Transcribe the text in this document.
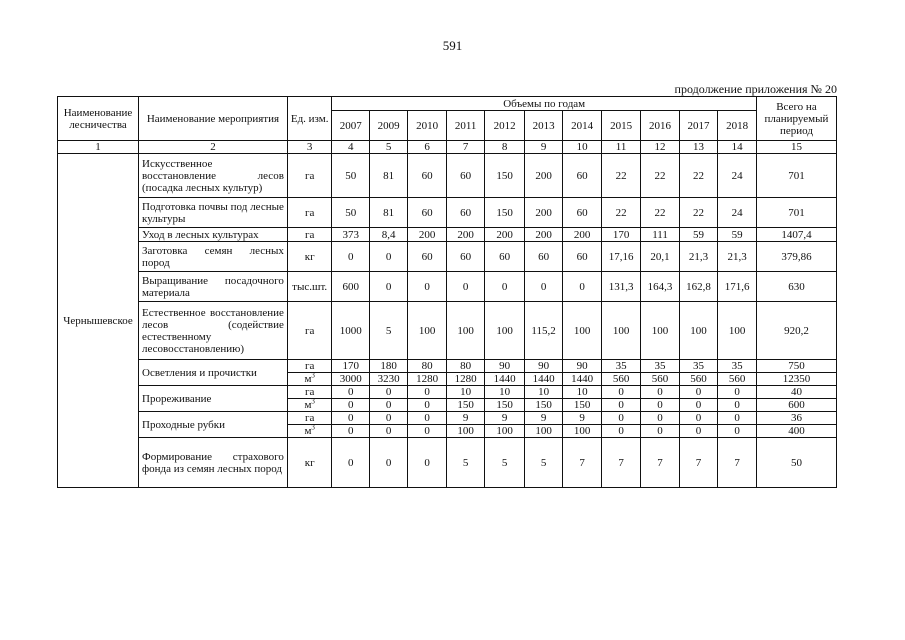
591
продолжение приложения № 20
Наименование лесничества	Наименование мероприятия	Ед. изм.	Объемы по годам											Всего на планируемый период
			2007	2009	2010	2011	2012	2013	2014	2015	2016	2017	2018	
1	2	3	4	5	6	7	8	9	10	11	12	13	14	15
Чернышевское	Искусственное восстановление лесов (посадка лесных культур)	га	50	81	60	60	150	200	60	22	22	22	24	701
	Подготовка почвы под лесные культуры	га	50	81	60	60	150	200	60	22	22	22	24	701
	Уход в лесных культурах	га	373	8,4	200	200	200	200	200	170	111	59	59	1407,4
	Заготовка семян лесных пород	кг	0	0	60	60	60	60	60	17,16	20,1	21,3	21,3	379,86
	Выращивание посадочного материала	тыс.шт.	600	0	0	0	0	0	0	131,3	164,3	162,8	171,6	630
	Естественное восстановление лесов (содействие естественному лесовосстановлению)	га	1000	5	100	100	100	115,2	100	100	100	100	100	920,2
	Осветления и прочистки	га	170	180	80	80	90	90	90	35	35	35	35	750
		$м^3$	3000	3230	1280	1280	1440	1440	1440	560	560	560	560	12350
	Прореживание	га	0	0	0	10	10	10	10	0	0	0	0	40
		$м^3$	0	0	0	150	150	150	150	0	0	0	0	600
	Проходные рубки	га	0	0	0	9	9	9	9	0	0	0	0	36
		$м^3$	0	0	0	100	100	100	100	0	0	0	0	400
	Формирование страхового фонда из семян лесных пород	кг	0	0	0	5	5	5	7	7	7	7	7	50
